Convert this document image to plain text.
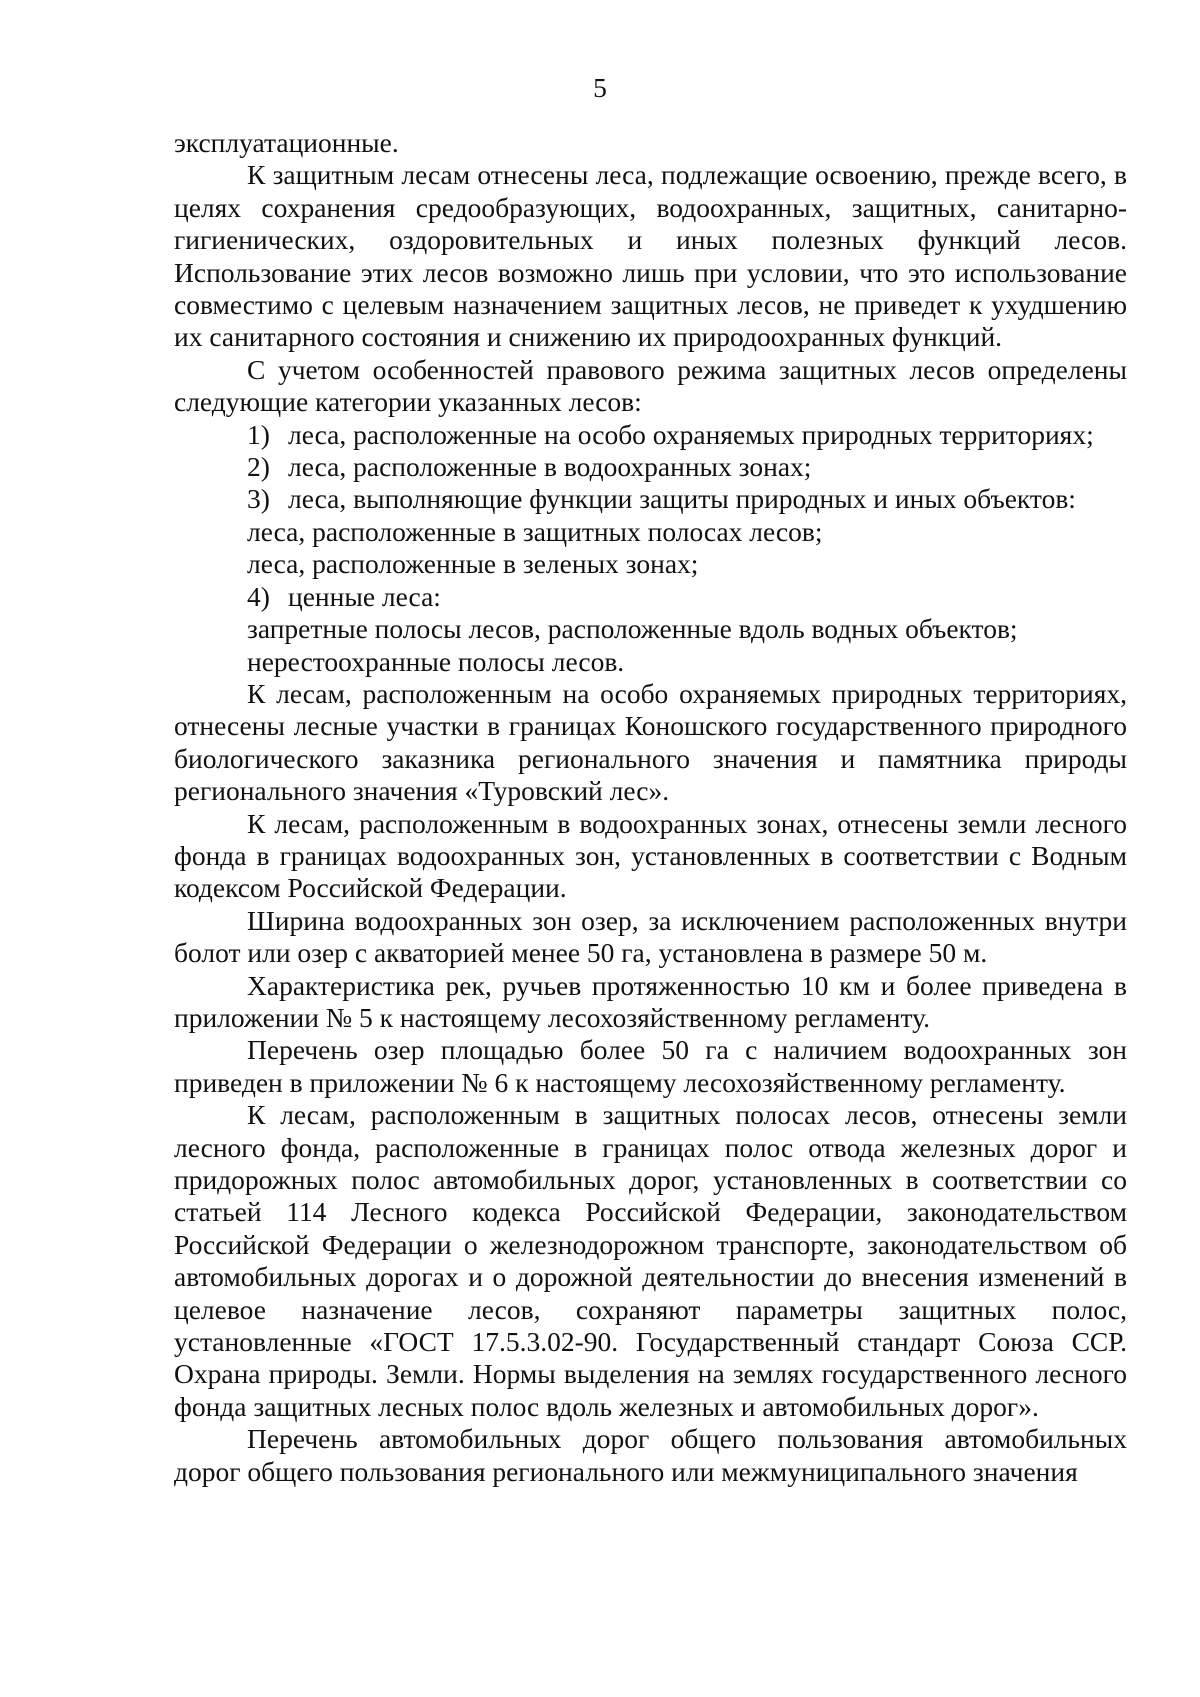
5

эксплуатационные.

К защитным лесам отнесены леса, подлежащие освоению, прежде всего, в целях сохранения средообразующих, водоохранных, защитных, санитарно-гигиенических, оздоровительных и иных полезных функций лесов. Использование этих лесов возможно лишь при условии, что это использование совместимо с целевым назначением защитных лесов, не приведет к ухудшению их санитарного состояния и снижению их природоохранных функций.

С учетом особенностей правового режима защитных лесов определены следующие категории указанных лесов:

1) леса, расположенные на особо охраняемых природных территориях;

2) леса, расположенные в водоохранных зонах;

3) леса, выполняющие функции защиты природных и иных объектов:

леса, расположенные в защитных полосах лесов;

леса, расположенные в зеленых зонах;

4) ценные леса:

запретные полосы лесов, расположенные вдоль водных объектов;

нерестоохранные полосы лесов.

К лесам, расположенным на особо охраняемых природных территориях, отнесены лесные участки в границах Коношского государственного природного биологического заказника регионального значения и памятника природы регионального значения «Туровский лес».

К лесам, расположенным в водоохранных зонах, отнесены земли лесного фонда в границах водоохранных зон, установленных в соответствии с Водным кодексом Российской Федерации.

Ширина водоохранных зон озер, за исключением расположенных внутри болот или озер с акваторией менее 50 га, установлена в размере 50 м.

Характеристика рек, ручьев протяженностью 10 км и более приведена в приложении № 5 к настоящему лесохозяйственному регламенту.

Перечень озер площадью более 50 га с наличием водоохранных зон приведен в приложении № 6 к настоящему лесохозяйственному регламенту.

К лесам, расположенным в защитных полосах лесов, отнесены земли лесного фонда, расположенные в границах полос отвода железных дорог и придорожных полос автомобильных дорог, установленных в соответствии со статьей 114 Лесного кодекса Российской Федерации, законодательством Российской Федерации о железнодорожном транспорте, законодательством об автомобильных дорогах и о дорожной деятельностии до внесения изменений в целевое назначение лесов, сохраняют параметры защитных полос, установленные «ГОСТ 17.5.3.02-90. Государственный стандарт Союза ССР. Охрана природы. Земли. Нормы выделения на землях государственного лесного фонда защитных лесных полос вдоль железных и автомобильных дорог».

Перечень автомобильных дорог общего пользования автомобильных дорог общего пользования регионального или межмуниципального значения
